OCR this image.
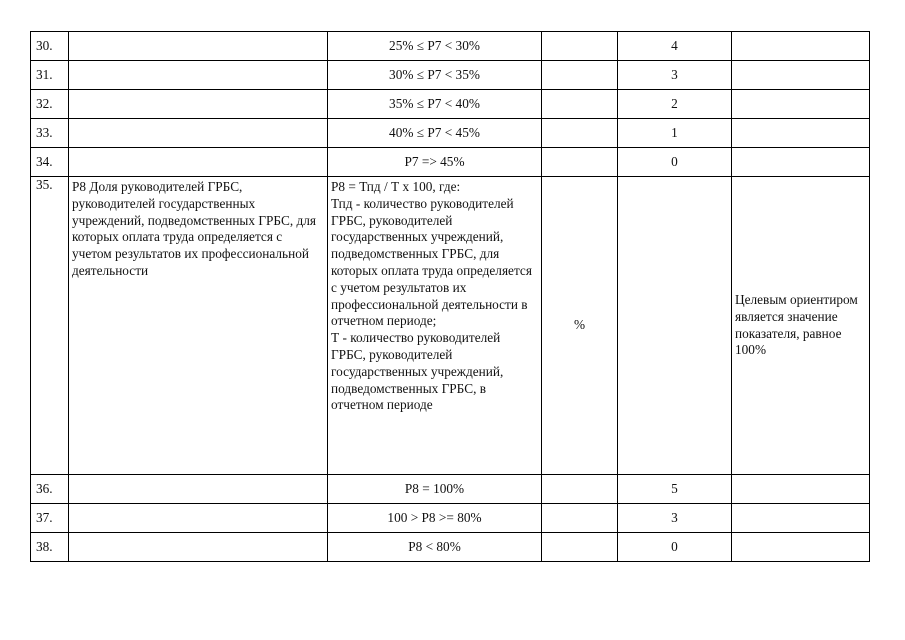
30.		25% ≤ Р7 < 30%		4	
31.		30% ≤ Р7 < 35%		3	
32.		35% ≤ Р7 < 40%		2	
33.		40% ≤ Р7 < 45%		1	
34.		Р7 => 45%		0	
35.	Р8 Доля руководителей ГРБС, руководителей государственных учреждений, подведомственных ГРБС, для которых оплата труда определяется с учетом результатов их профессиональной деятельности	Р8 = Тпд / Т x 100, где:
Тпд - количество руководителей ГРБС, руководителей государственных учреждений, подведомственных ГРБС, для которых оплата труда определяется с учетом результатов их профессиональной деятельности в отчетном периоде;
Т - количество руководителей ГРБС, руководителей государственных учреждений, подведомственных ГРБС, в отчетном периоде	%		Целевым ориентиром является значение показателя, равное 100%
36.		Р8 = 100%		5	
37.		100 > Р8 >= 80%		3	
38.		Р8 < 80%		0	
